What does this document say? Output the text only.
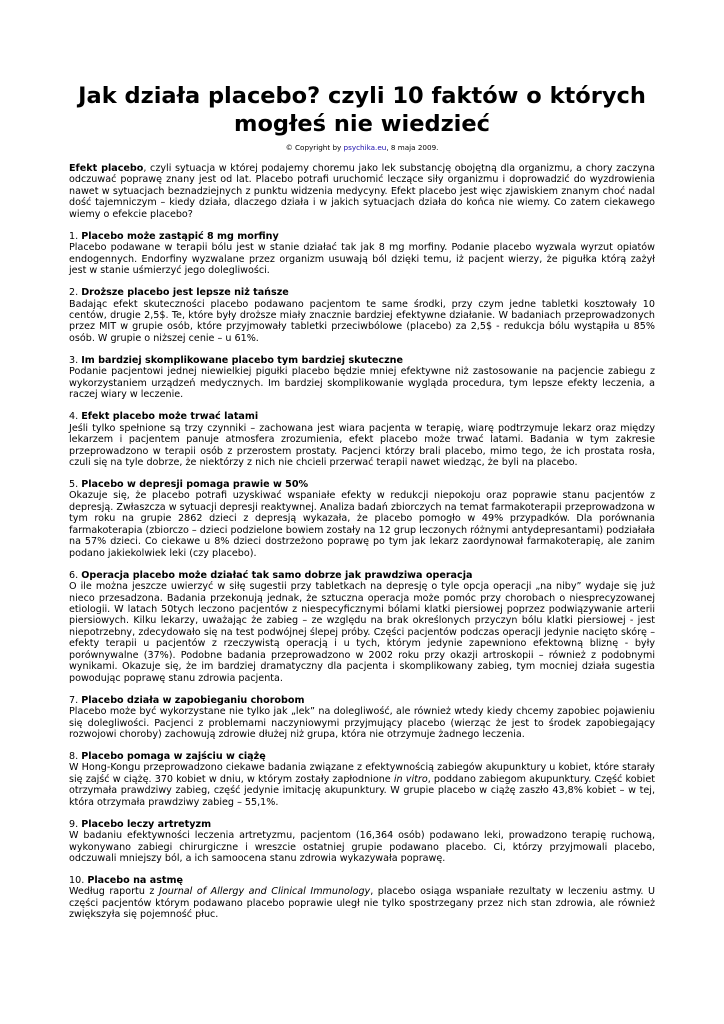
Jak działa placebo? czyli 10 faktów o których mogłeś nie wiedzieć
© Copyright by psychika.eu, 8 maja 2009.

Efekt placebo, czyli sytuacja w której podajemy choremu jako lek substancję obojętną dla organizmu, a chory zaczyna odczuwać poprawę znany jest od lat. Placebo potrafi uruchomić leczące siły organizmu i doprowadzić do wyzdrowienia nawet w sytuacjach beznadziejnych z punktu widzenia medycyny. Efekt placebo jest więc zjawiskiem znanym choć nadal dość tajemniczym – kiedy działa, dlaczego działa i w jakich sytuacjach działa do końca nie wiemy. Co zatem ciekawego wiemy o efekcie placebo?

1. Placebo może zastąpić 8 mg morfiny

Placebo podawane w terapii bólu jest w stanie działać tak jak 8 mg morfiny. Podanie placebo wyzwala wyrzut opiatów endogennych. Endorfiny wyzwalane przez organizm usuwają ból dzięki temu, iż pacjent wierzy, że pigułka którą zażył jest w stanie uśmierzyć jego dolegliwości.

2. Droższe placebo jest lepsze niż tańsze

Badając efekt skuteczności placebo podawano pacjentom te same środki, przy czym jedne tabletki kosztowały 10 centów, drugie 2,5$. Te, które były droższe miały znacznie bardziej efektywne działanie. W badaniach przeprowadzonych przez MIT w grupie osób, które przyjmowały tabletki przeciwbólowe (placebo) za 2,5$ - redukcja bólu wystąpiła u 85% osób. W grupie o niższej cenie – u 61%.

3. Im bardziej skomplikowane placebo tym bardziej skuteczne

Podanie pacjentowi jednej niewielkiej pigułki placebo będzie mniej efektywne niż zastosowanie na pacjencie zabiegu z wykorzystaniem urządzeń medycznych. Im bardziej skomplikowanie wygląda procedura, tym lepsze efekty leczenia, a raczej wiary w leczenie.

4. Efekt placebo może trwać latami

Jeśli tylko spełnione są trzy czynniki – zachowana jest wiara pacjenta w terapię, wiarę podtrzymuje lekarz oraz między lekarzem i pacjentem panuje atmosfera zrozumienia, efekt placebo może trwać latami. Badania w tym zakresie przeprowadzono w terapii osób z przerostem prostaty. Pacjenci którzy brali placebo, mimo tego, że ich prostata rosła, czuli się na tyle dobrze, że niektórzy z nich nie chcieli przerwać terapii nawet wiedząc, że byli na placebo.

5. Placebo w depresji pomaga prawie w 50%

Okazuje się, że placebo potrafi uzyskiwać wspaniałe efekty w redukcji niepokoju oraz poprawie stanu pacjentów z depresją. Zwłaszcza w sytuacji depresji reaktywnej. Analiza badań zbiorczych na temat farmakoterapii przeprowadzona w tym roku na grupie 2862 dzieci z depresją wykazała, że placebo pomogło w 49% przypadków. Dla porównania farmakoterapia (zbiorczo – dzieci podzielone bowiem zostały na 12 grup leczonych różnymi antydepresantami) podziałała na 57% dzieci. Co ciekawe u 8% dzieci dostrzeżono poprawę po tym jak lekarz zaordynował farmakoterapię, ale zanim podano jakiekolwiek leki (czy placebo).

6. Operacja placebo może działać tak samo dobrze jak prawdziwa operacja

O ile można jeszcze uwierzyć w siłę sugestii przy tabletkach na depresję o tyle opcja operacji „na niby” wydaje się już nieco przesadzona. Badania przekonują jednak, że sztuczna operacja może pomóc przy chorobach o niesprecyzowanej etiologii. W latach 50tych leczono pacjentów z niespecyficznymi bólami klatki piersiowej poprzez podwiązywanie arterii piersiowych. Kilku lekarzy, uważając że zabieg – ze względu na brak określonych przyczyn bólu klatki piersiowej - jest niepotrzebny, zdecydowało się na test podwójnej ślepej próby. Części pacjentów podczas operacji jedynie nacięto skórę – efekty terapii u pacjentów z rzeczywistą operacją i u tych, którym jedynie zapewniono efektowną bliznę - były porównywalne (37%). Podobne badania przeprowadzono w 2002 roku przy okazji artroskopii – również z podobnymi wynikami. Okazuje się, że im bardziej dramatyczny dla pacjenta i skomplikowany zabieg, tym mocniej działa sugestia powodując poprawę stanu zdrowia pacjenta.

7. Placebo działa w zapobieganiu chorobom

Placebo może być wykorzystane nie tylko jak „lek” na dolegliwość, ale również wtedy kiedy chcemy zapobiec pojawieniu się dolegliwości. Pacjenci z problemami naczyniowymi przyjmujący placebo (wierząc że jest to środek zapobiegający rozwojowi choroby) zachowują zdrowie dłużej niż grupa, która nie otrzymuje żadnego leczenia.

8. Placebo pomaga w zajściu w ciążę

W Hong-Kongu przeprowadzono ciekawe badania związane z efektywnością zabiegów akupunktury u kobiet, które starały się zajść w ciążę. 370 kobiet w dniu, w którym zostały zapłodnione in vitro, poddano zabiegom akupunktury. Część kobiet otrzymała prawdziwy zabieg, część jedynie imitację akupunktury. W grupie placebo w ciążę zaszło 43,8% kobiet – w tej, która otrzymała prawdziwy zabieg – 55,1%.

9. Placebo leczy artretyzm

W badaniu efektywności leczenia artretyzmu, pacjentom (16,364 osób) podawano leki, prowadzono terapię ruchową, wykonywano zabiegi chirurgiczne i wreszcie ostatniej grupie podawano placebo. Ci, którzy przyjmowali placebo, odczuwali mniejszy ból, a ich samoocena stanu zdrowia wykazywała poprawę.

10. Placebo na astmę

Według raportu z Journal of Allergy and Clinical Immunology, placebo osiąga wspaniałe rezultaty w leczeniu astmy. U części pacjentów którym podawano placebo poprawie uległ nie tylko spostrzegany przez nich stan zdrowia, ale również zwiększyła się pojemność płuc.
